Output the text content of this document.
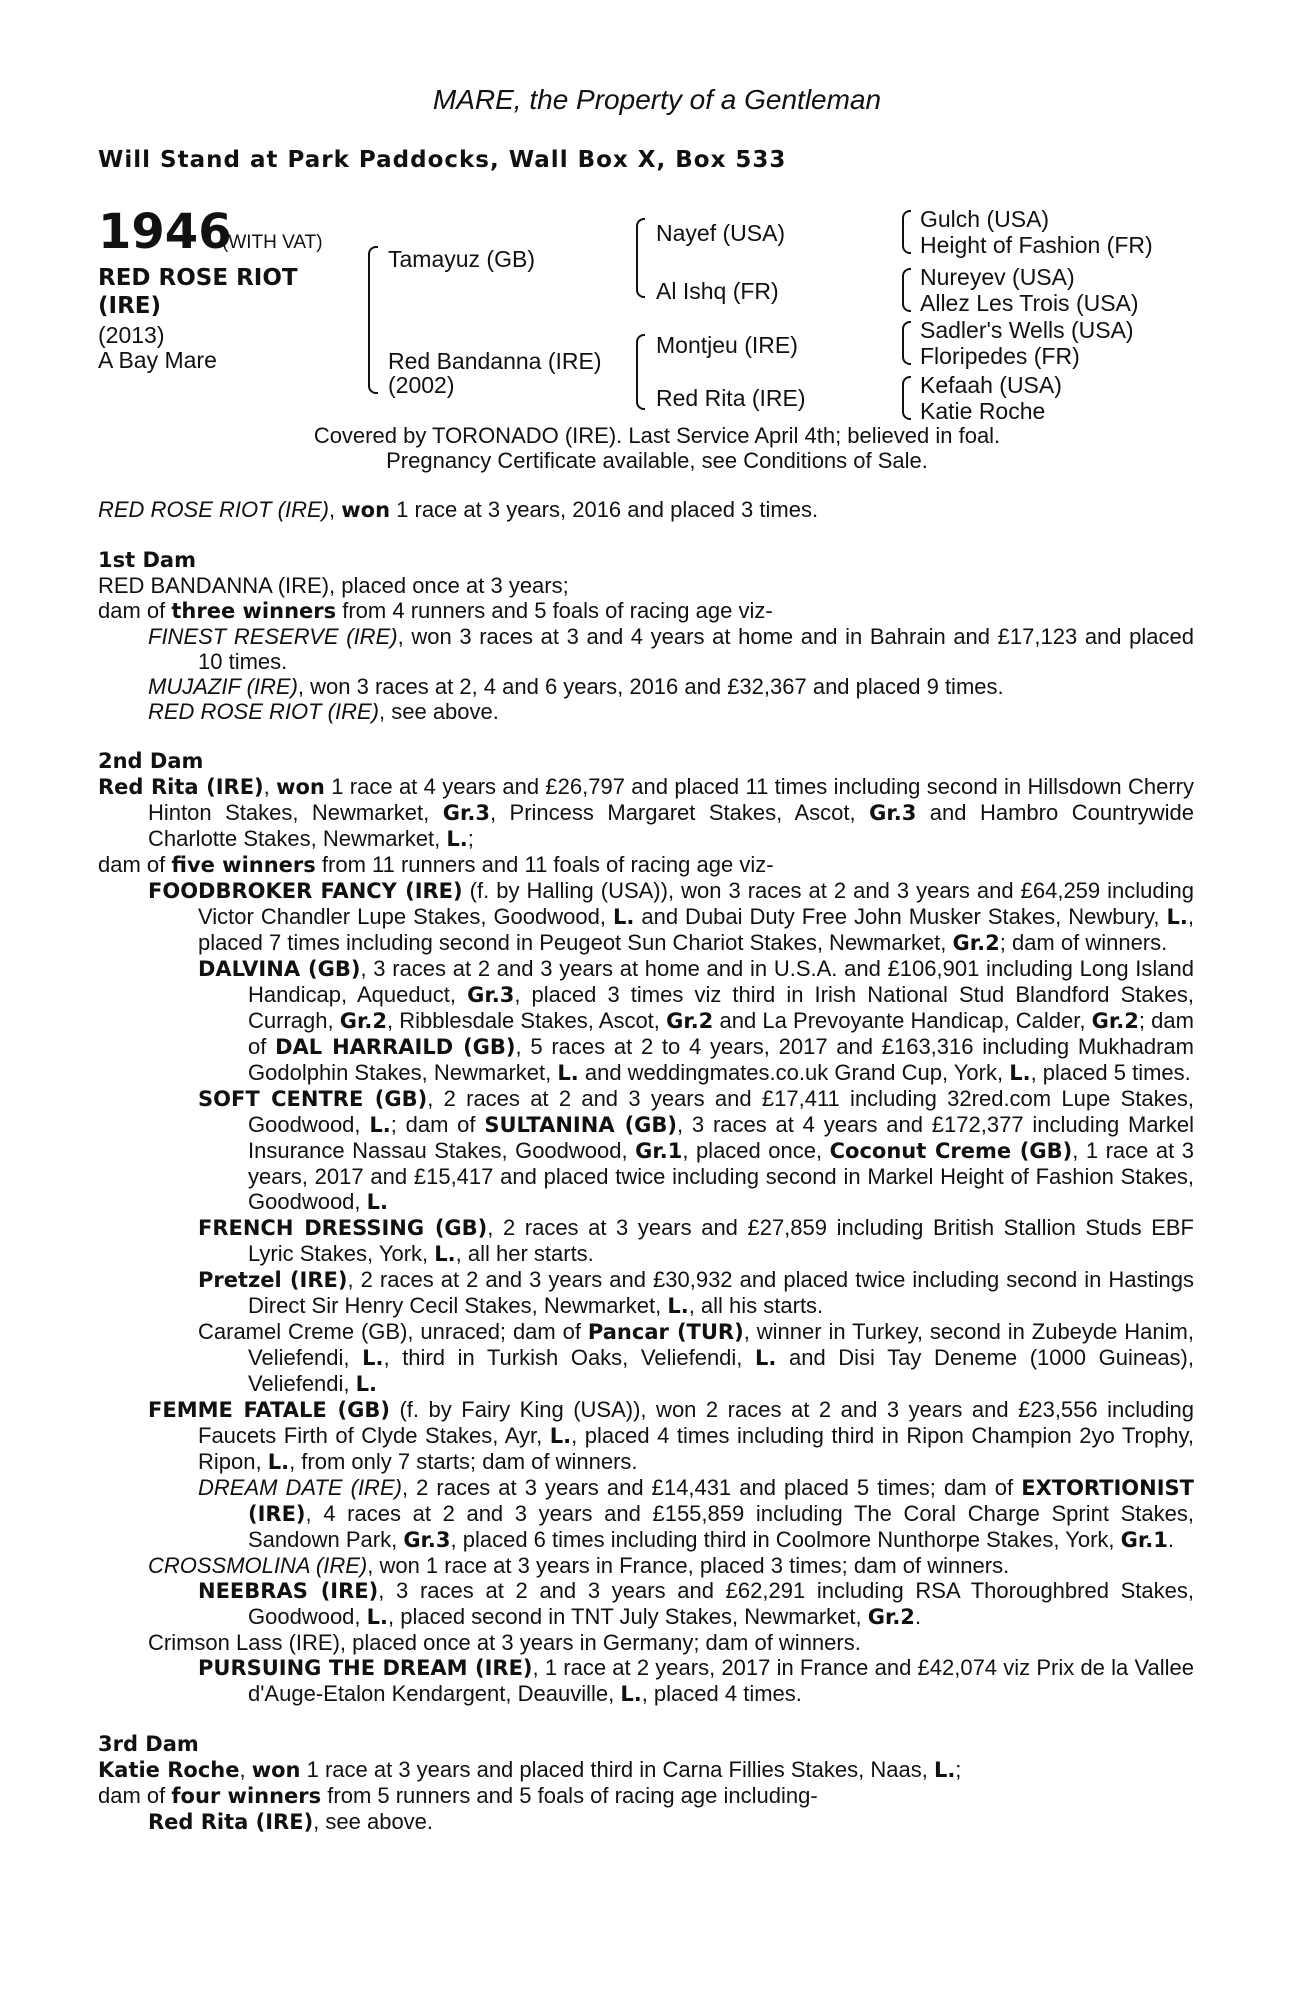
MARE, the Property of a Gentleman
Will Stand at Park Paddocks, Wall Box X, Box 533
1946
(WITH VAT)
RED ROSE RIOT (IRE)
(2013)
A Bay Mare
Tamayuz (GB)
Red Bandanna (IRE)
(2002)
Nayef (USA)
Al Ishq (FR)
Montjeu (IRE)
Red Rita (IRE)
Gulch (USA)
Height of Fashion (FR)
Nureyev (USA)
Allez Les Trois (USA)
Sadler's Wells (USA)
Floripedes (FR)
Kefaah (USA)
Katie Roche
Covered by TORONADO (IRE). Last Service April 4th; believed in foal.
Pregnancy Certificate available, see Conditions of Sale.

RED ROSE RIOT (IRE), won 1 race at 3 years, 2016 and placed 3 times.

1st Dam

RED BANDANNA (IRE), placed once at 3 years;

dam of three winners from 4 runners and 5 foals of racing age viz-

FINEST RESERVE (IRE), won 3 races at 3 and 4 years at home and in Bahrain and £17,123 and placed 10 times.

MUJAZIF (IRE), won 3 races at 2, 4 and 6 years, 2016 and £32,367 and placed 9 times.

RED ROSE RIOT (IRE), see above.

2nd Dam

Red Rita (IRE), won 1 race at 4 years and £26,797 and placed 11 times including second in Hillsdown Cherry Hinton Stakes, Newmarket, Gr.3, Princess Margaret Stakes, Ascot, Gr.3 and Hambro Countrywide Charlotte Stakes, Newmarket, L.;

dam of five winners from 11 runners and 11 foals of racing age viz-

FOODBROKER FANCY (IRE) (f. by Halling (USA)), won 3 races at 2 and 3 years and £64,259 including Victor Chandler Lupe Stakes, Goodwood, L. and Dubai Duty Free John Musker Stakes, Newbury, L., placed 7 times including second in Peugeot Sun Chariot Stakes, Newmarket, Gr.2; dam of winners.

DALVINA (GB), 3 races at 2 and 3 years at home and in U.S.A. and £106,901 including Long Island Handicap, Aqueduct, Gr.3, placed 3 times viz third in Irish National Stud Blandford Stakes, Curragh, Gr.2, Ribblesdale Stakes, Ascot, Gr.2 and La Prevoyante Handicap, Calder, Gr.2; dam of DAL HARRAILD (GB), 5 races at 2 to 4 years, 2017 and £163,316 including Mukhadram Godolphin Stakes, Newmarket, L. and weddingmates.co.uk Grand Cup, York, L., placed 5 times.

SOFT CENTRE (GB), 2 races at 2 and 3 years and £17,411 including 32red.com Lupe Stakes, Goodwood, L.; dam of SULTANINA (GB), 3 races at 4 years and £172,377 including Markel Insurance Nassau Stakes, Goodwood, Gr.1, placed once, Coconut Creme (GB), 1 race at 3 years, 2017 and £15,417 and placed twice including second in Markel Height of Fashion Stakes, Goodwood, L.

FRENCH DRESSING (GB), 2 races at 3 years and £27,859 including British Stallion Studs EBF Lyric Stakes, York, L., all her starts.

Pretzel (IRE), 2 races at 2 and 3 years and £30,932 and placed twice including second in Hastings Direct Sir Henry Cecil Stakes, Newmarket, L., all his starts.

Caramel Creme (GB), unraced; dam of Pancar (TUR), winner in Turkey, second in Zubeyde Hanim, Veliefendi, L., third in Turkish Oaks, Veliefendi, L. and Disi Tay Deneme (1000 Guineas), Veliefendi, L.

FEMME FATALE (GB) (f. by Fairy King (USA)), won 2 races at 2 and 3 years and £23,556 including Faucets Firth of Clyde Stakes, Ayr, L., placed 4 times including third in Ripon Champion 2yo Trophy, Ripon, L., from only 7 starts; dam of winners.

DREAM DATE (IRE), 2 races at 3 years and £14,431 and placed 5 times; dam of EXTORTIONIST (IRE), 4 races at 2 and 3 years and £155,859 including The Coral Charge Sprint Stakes, Sandown Park, Gr.3, placed 6 times including third in Coolmore Nunthorpe Stakes, York, Gr.1.

CROSSMOLINA (IRE), won 1 race at 3 years in France, placed 3 times; dam of winners.

NEEBRAS (IRE), 3 races at 2 and 3 years and £62,291 including RSA Thoroughbred Stakes, Goodwood, L., placed second in TNT July Stakes, Newmarket, Gr.2.

Crimson Lass (IRE), placed once at 3 years in Germany; dam of winners.

PURSUING THE DREAM (IRE), 1 race at 2 years, 2017 in France and £42,074 viz Prix de la Vallee d'Auge-Etalon Kendargent, Deauville, L., placed 4 times.

3rd Dam

Katie Roche, won 1 race at 3 years and placed third in Carna Fillies Stakes, Naas, L.;

dam of four winners from 5 runners and 5 foals of racing age including-

Red Rita (IRE), see above.
